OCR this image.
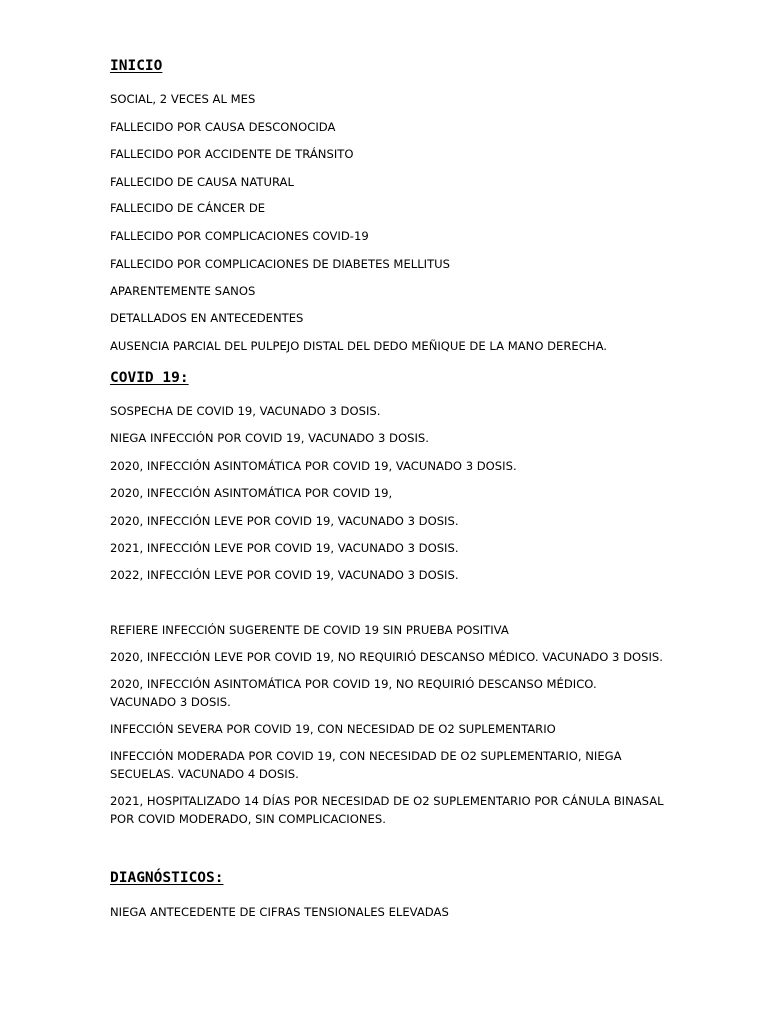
INICIO

SOCIAL, 2 VECES AL MES

FALLECIDO POR CAUSA DESCONOCIDA

FALLECIDO POR ACCIDENTE DE TRÁNSITO

FALLECIDO DE CAUSA NATURAL

FALLECIDO DE CÁNCER DE

FALLECIDO POR COMPLICACIONES COVID-19

FALLECIDO POR COMPLICACIONES DE DIABETES MELLITUS

APARENTEMENTE SANOS

DETALLADOS EN ANTECEDENTES

AUSENCIA PARCIAL DEL PULPEJO DISTAL DEL DEDO MEÑIQUE DE LA MANO DERECHA.

COVID 19:

SOSPECHA DE COVID 19, VACUNADO 3 DOSIS.

NIEGA INFECCIÓN POR COVID 19, VACUNADO 3 DOSIS.

2020, INFECCIÓN ASINTOMÁTICA POR COVID 19, VACUNADO 3 DOSIS.

2020, INFECCIÓN ASINTOMÁTICA POR COVID 19,

2020, INFECCIÓN LEVE POR COVID 19, VACUNADO 3 DOSIS.

2021, INFECCIÓN LEVE POR COVID 19, VACUNADO 3 DOSIS.

2022, INFECCIÓN LEVE POR COVID 19, VACUNADO 3 DOSIS.

REFIERE INFECCIÓN SUGERENTE DE COVID 19 SIN PRUEBA POSITIVA

2020, INFECCIÓN LEVE POR COVID 19, NO REQUIRIÓ DESCANSO MÉDICO. VACUNADO 3 DOSIS.

2020, INFECCIÓN ASINTOMÁTICA POR COVID 19, NO REQUIRIÓ DESCANSO MÉDICO. VACUNADO 3 DOSIS.

INFECCIÓN SEVERA POR COVID 19, CON NECESIDAD DE O2 SUPLEMENTARIO

INFECCIÓN MODERADA POR COVID 19, CON NECESIDAD DE O2 SUPLEMENTARIO, NIEGA SECUELAS. VACUNADO 4 DOSIS.

2021, HOSPITALIZADO 14 DÍAS POR NECESIDAD DE O2 SUPLEMENTARIO POR CÁNULA BINASAL POR COVID MODERADO, SIN COMPLICACIONES.

DIAGNÓSTICOS:

NIEGA ANTECEDENTE DE CIFRAS TENSIONALES ELEVADAS
